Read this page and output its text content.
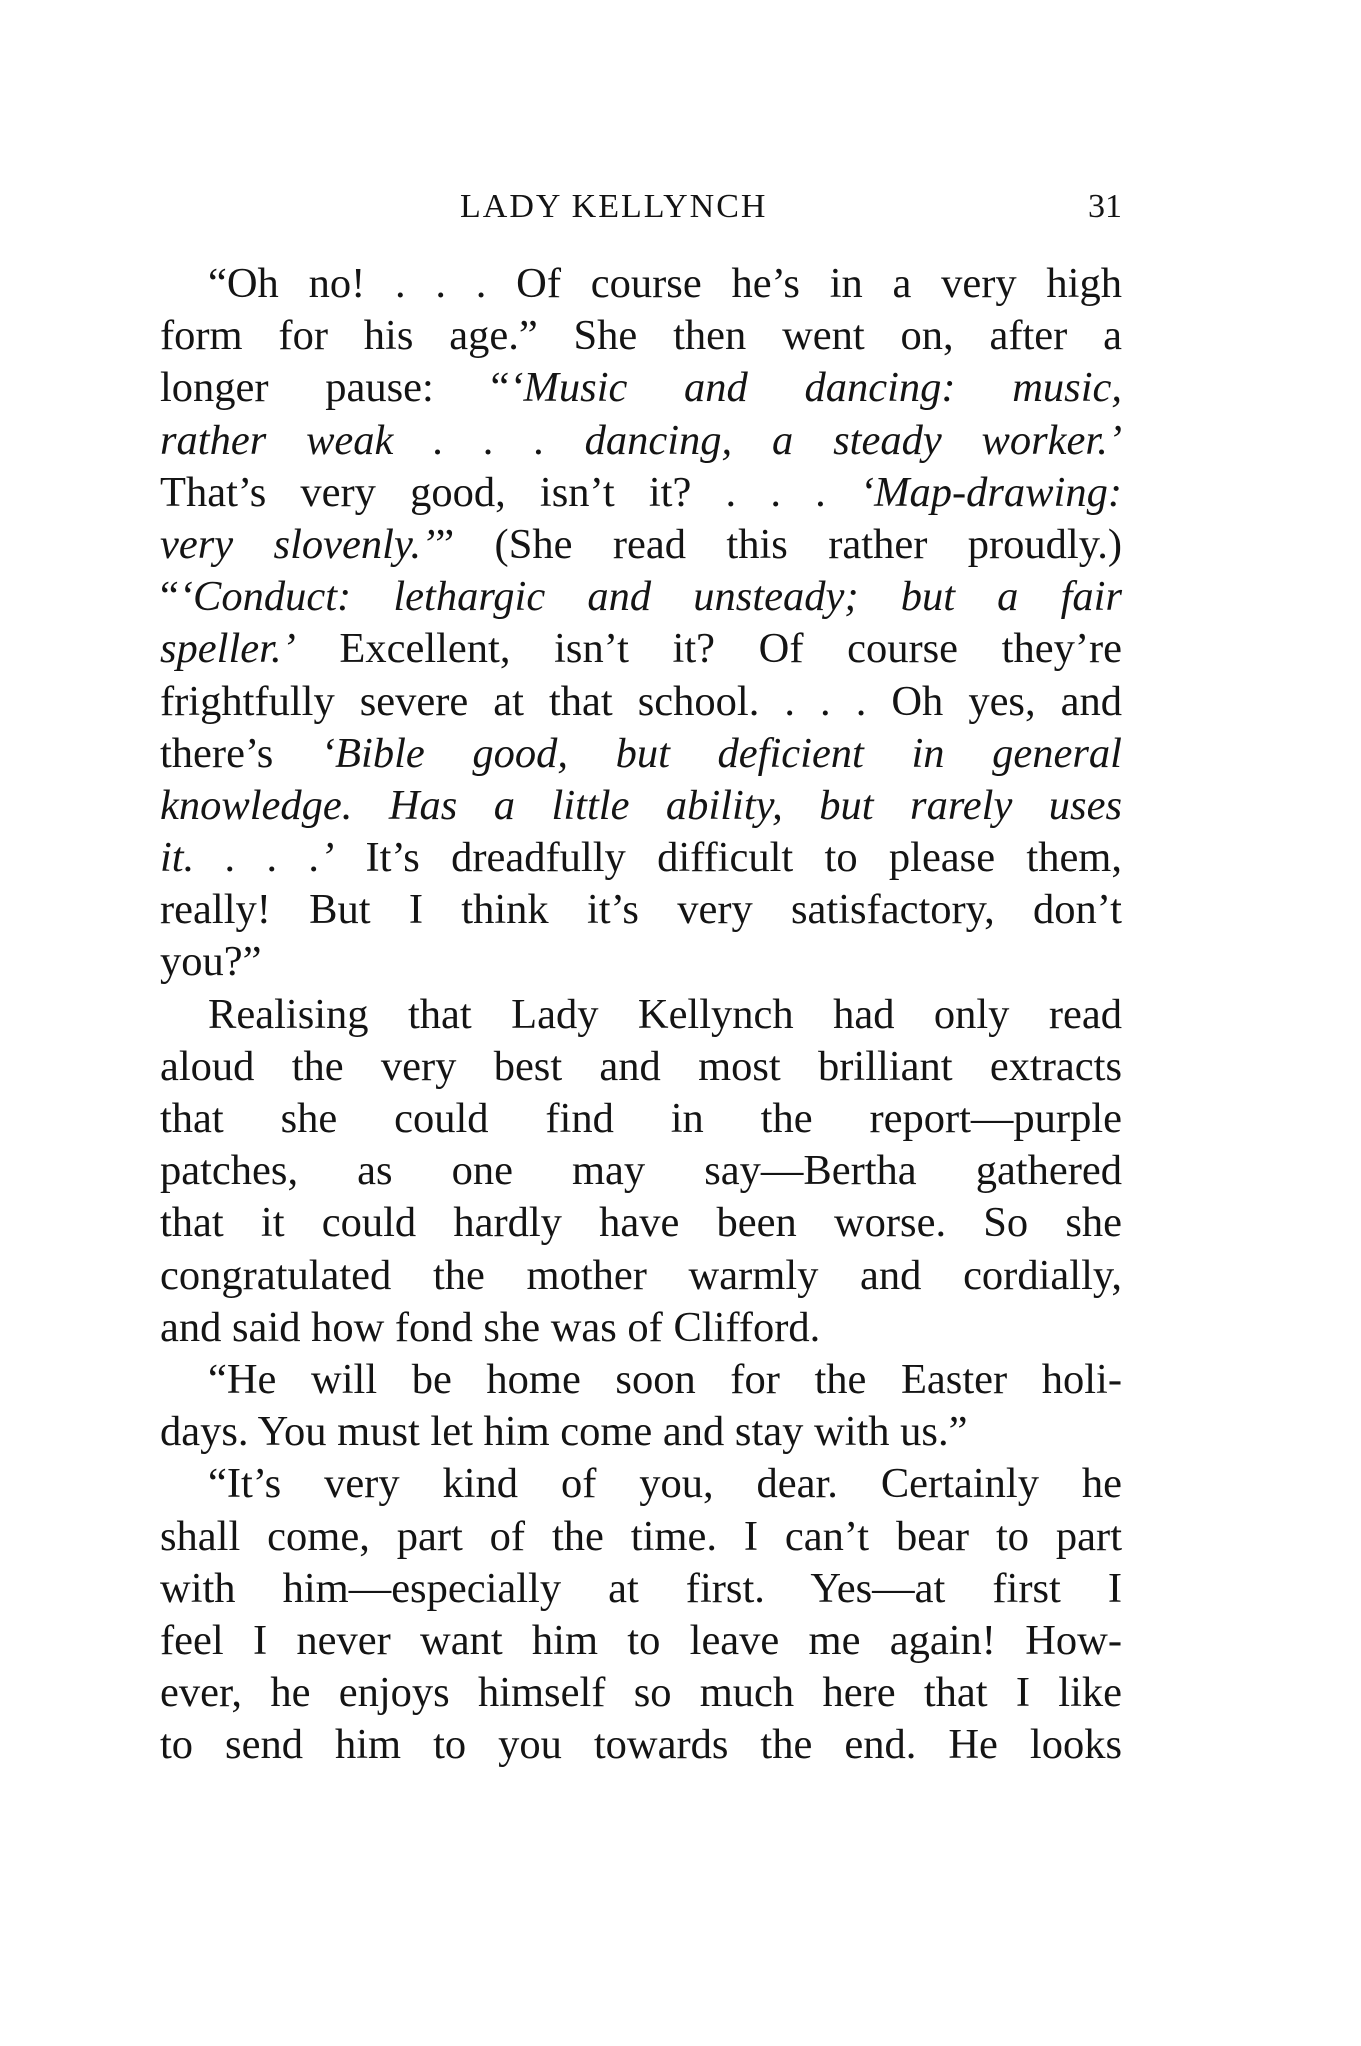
LADY KELLYNCH	31
“Oh no! . . . Of course he’s in a very high
form for his age.” She then went on, after a
longer pause: “‘Music and dancing: music,
rather weak . . . dancing, a steady worker.’
That’s very good, isn’t it? . . . ‘Map-drawing:
very slovenly.’” (She read this rather proudly.)
“‘Conduct: lethargic and unsteady; but a fair
speller.’ Excellent, isn’t it? Of course they’re
frightfully severe at that school. . . . Oh yes, and
there’s ‘Bible good, but deficient in general
knowledge. Has a little ability, but rarely uses
it. . . .’ It’s dreadfully difficult to please them,
really! But I think it’s very satisfactory, don’t
you?”
Realising that Lady Kellynch had only read
aloud the very best and most brilliant extracts
that she could find in the report—purple
patches, as one may say—Bertha gathered
that it could hardly have been worse. So she
congratulated the mother warmly and cordially,
and said how fond she was of Clifford.
“He will be home soon for the Easter holi-
days. You must let him come and stay with us.”
“It’s very kind of you, dear. Certainly he
shall come, part of the time. I can’t bear to part
with him—especially at first. Yes—at first I
feel I never want him to leave me again! How-
ever, he enjoys himself so much here that I like
to send him to you towards the end. He looks
